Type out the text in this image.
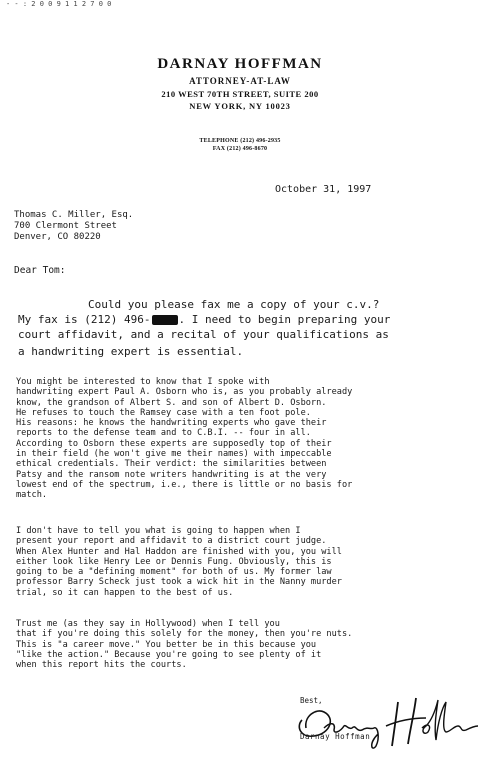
- - : 2 0 0 9 1 1 2 7 0 0
DARNAY HOFFMAN
ATTORNEY-AT-LAW
210 WEST 70TH STREET, SUITE 200
NEW YORK, NY 10023
TELEPHONE (212) 496-2935
FAX (212) 496-8670
October 31, 1997
Thomas C. Miller, Esq.
700 Clermont Street
Denver, CO 80220
Dear Tom:
Could you please fax me a copy of your c.v.?
My fax is (212) 496-	. I need to begin preparing your
court affidavit, and a recital of your qualifications as
a handwriting expert is essential.
You might be interested to know that I spoke with
handwriting expert Paul A. Osborn who is, as you probably already
know, the grandson of Albert S. and son of Albert D. Osborn.
He refuses to touch the Ramsey case with a ten foot pole.
His reasons: he knows the handwriting experts who gave their
reports to the defense team and to C.B.I. -- four in all.
According to Osborn these experts are supposedly top of their
in their field (he won't give me their names) with impeccable
ethical credentials. Their verdict: the similarities between
Patsy and the ransom note writers handwriting is at the very
lowest end of the spectrum, i.e., there is little or no basis for
match.
I don't have to tell you what is going to happen when I
present your report and affidavit to a district court judge.
When Alex Hunter and Hal Haddon are finished with you, you will
either look like Henry Lee or Dennis Fung. Obviously, this is
going to be a "defining moment" for both of us. My former law
professor Barry Scheck just took a wick hit in the Nanny murder
trial, so it can happen to the best of us.
Trust me (as they say in Hollywood) when I tell you
that if you're doing this solely for the money, then you're nuts.
This is "a career move." You better be in this because you
"like the action." Because you're going to see plenty of it
when this report hits the courts.
Best,
Darnay Hoffman
